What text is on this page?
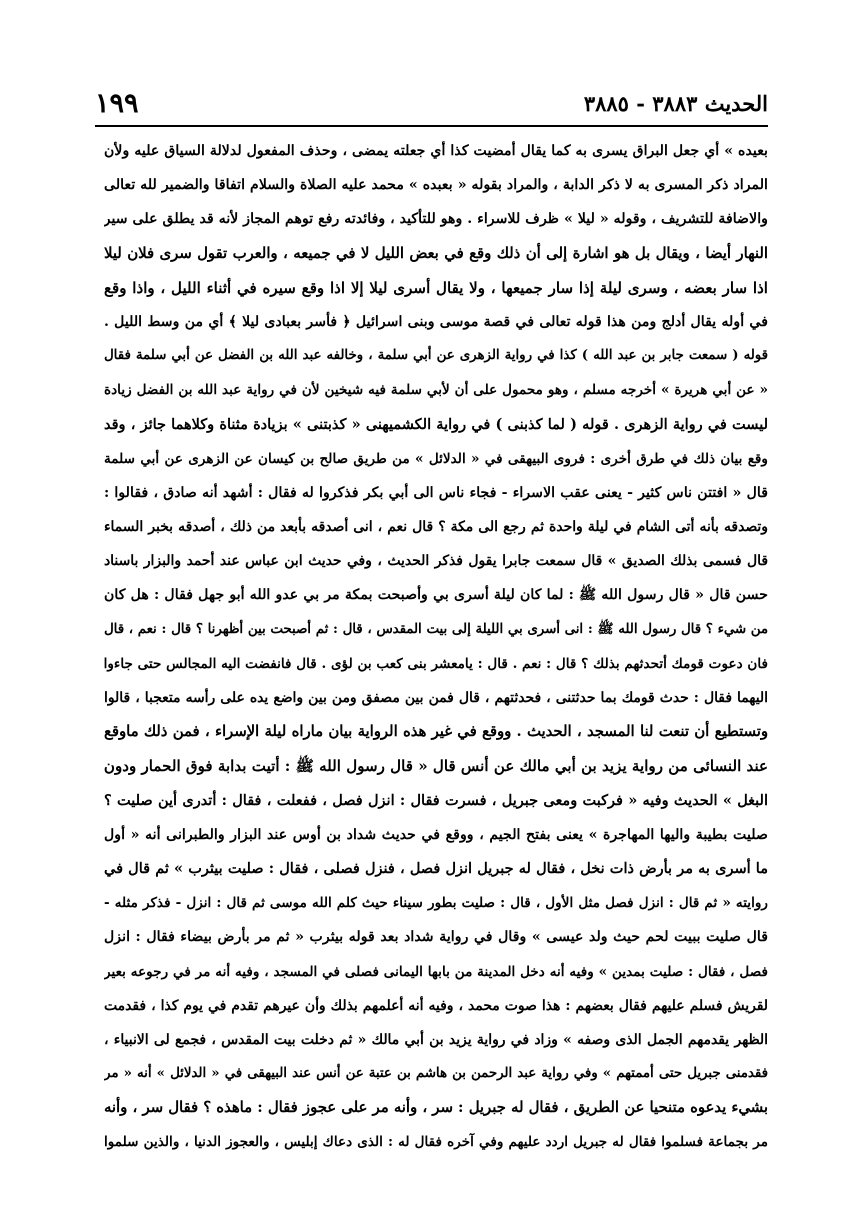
الحديث ٣٨٨٣ - ٣٨٨٥
١٩٩
بعيده » أي جعل البراق يسرى به كما يقال أمضيت كذا أي جعلته يمضى ، وحذف المفعول لدلالة السياق عليه ولأن
المراد ذكر المسرى به لا ذكر الدابة ، والمراد بقوله « بعبده » محمد عليه الصلاة والسلام اتفاقا والضمير لله تعالى
والاضافة للتشريف ، وقوله « ليلا » ظرف للاسراء . وهو للتأكيد ، وفائدته رفع توهم المجاز لأنه قد يطلق على سير
النهار أيضا ، ويقال بل هو اشارة إلى أن ذلك وقع في بعض الليل لا في جميعه ، والعرب تقول سرى فلان ليلا
اذا سار بعضه ، وسرى ليلة إذا سار جميعها ، ولا يقال أسرى ليلا إلا اذا وقع سيره في أثناء الليل ، واذا وقع
في أوله يقال أدلج ومن هذا قوله تعالى في قصة موسى وبنى اسرائيل ﴿ فأسر بعبادى ليلا ﴾ أي من وسط الليل .
قوله ( سمعت جابر بن عبد الله ) كذا في رواية الزهرى عن أبي سلمة ، وخالفه عبد الله بن الفضل عن أبي سلمة فقال
« عن أبي هريرة » أخرجه مسلم ، وهو محمول على أن لأبي سلمة فيه شيخين لأن في رواية عبد الله بن الفضل زيادة
ليست في رواية الزهرى . قوله ( لما كذبنى ) في رواية الكشميهنى « كذبتنى » بزيادة مثناة وكلاهما جائز ، وقد
وقع بيان ذلك في طرق أخرى : فروى البيهقى في « الدلائل » من طريق صالح بن كيسان عن الزهرى عن أبي سلمة
قال « افتتن ناس كثير - يعنى عقب الاسراء - فجاء ناس الى أبي بكر فذكروا له فقال : أشهد أنه صادق ، فقالوا :
وتصدقه بأنه أتى الشام في ليلة واحدة ثم رجع الى مكة ؟ قال نعم ، انى أصدقه بأبعد من ذلك ، أصدقه بخبر السماء
قال فسمى بذلك الصديق » قال سمعت جابرا يقول فذكر الحديث ، وفي حديث ابن عباس عند أحمد والبزار باسناد
حسن قال « قال رسول الله ﷺ : لما كان ليلة أسرى بي وأصبحت بمكة مر بي عدو الله أبو جهل فقال : هل كان
من شيء ؟ قال رسول الله ﷺ : انى أسرى بي الليلة إلى بيت المقدس ، قال : ثم أصبحت بين أظهرنا ؟ قال : نعم ، قال
فان دعوت قومك أتحدثهم بذلك ؟ قال : نعم . قال : يامعشر بنى كعب بن لؤى . قال فانفضت اليه المجالس حتى جاءوا
اليهما فقال : حدث قومك بما حدثتنى ، فحدثتهم ، قال فمن بين مصفق ومن بين واضع يده على رأسه متعجبا ، قالوا
وتستطيع أن تنعت لنا المسجد ، الحديث . ووقع في غير هذه الرواية بيان ماراه ليلة الإسراء ، فمن ذلك ماوقع
عند النسائى من رواية يزيد بن أبي مالك عن أنس قال « قال رسول الله ﷺ : أتيت بدابة فوق الحمار ودون
البغل » الحديث وفيه « فركبت ومعى جبريل ، فسرت فقال : انزل فصل ، ففعلت ، فقال : أتدرى أين صليت ؟
صليت بطيبة واليها المهاجرة » يعنى بفتح الجيم ، ووقع في حديث شداد بن أوس عند البزار والطبرانى أنه « أول
ما أسرى به مر بأرض ذات نخل ، فقال له جبريل انزل فصل ، فنزل فصلى ، فقال : صليت بيثرب » ثم قال في
روايته « ثم قال : انزل فصل مثل الأول ، قال : صليت بطور سيناء حيث كلم الله موسى ثم قال : انزل - فذكر مثله -
قال صليت ببيت لحم حيث ولد عيسى » وقال في رواية شداد بعد قوله بيثرب « ثم مر بأرض بيضاء فقال : انزل
فصل ، فقال : صليت بمدين » وفيه أنه دخل المدينة من بابها اليمانى فصلى في المسجد ، وفيه أنه مر في رجوعه بعير
لقريش فسلم عليهم فقال بعضهم : هذا صوت محمد ، وفيه أنه أعلمهم بذلك وأن عيرهم تقدم في يوم كذا ، فقدمت
الظهر يقدمهم الجمل الذى وصفه » وزاد في رواية يزيد بن أبي مالك « ثم دخلت بيت المقدس ، فجمع لى الانبياء ،
فقدمنى جبريل حتى أممتهم » وفي رواية عبد الرحمن بن هاشم بن عتبة عن أنس عند البيهقى في « الدلائل » أنه « مر
بشيء يدعوه متنحيا عن الطريق ، فقال له جبريل : سر ، وأنه مر على عجوز فقال : ماهذه ؟ فقال سر ، وأنه
مر بجماعة فسلموا فقال له جبريل اردد عليهم وفي آخره فقال له : الذى دعاك إبليس ، والعجوز الدنيا ، والذين سلموا
